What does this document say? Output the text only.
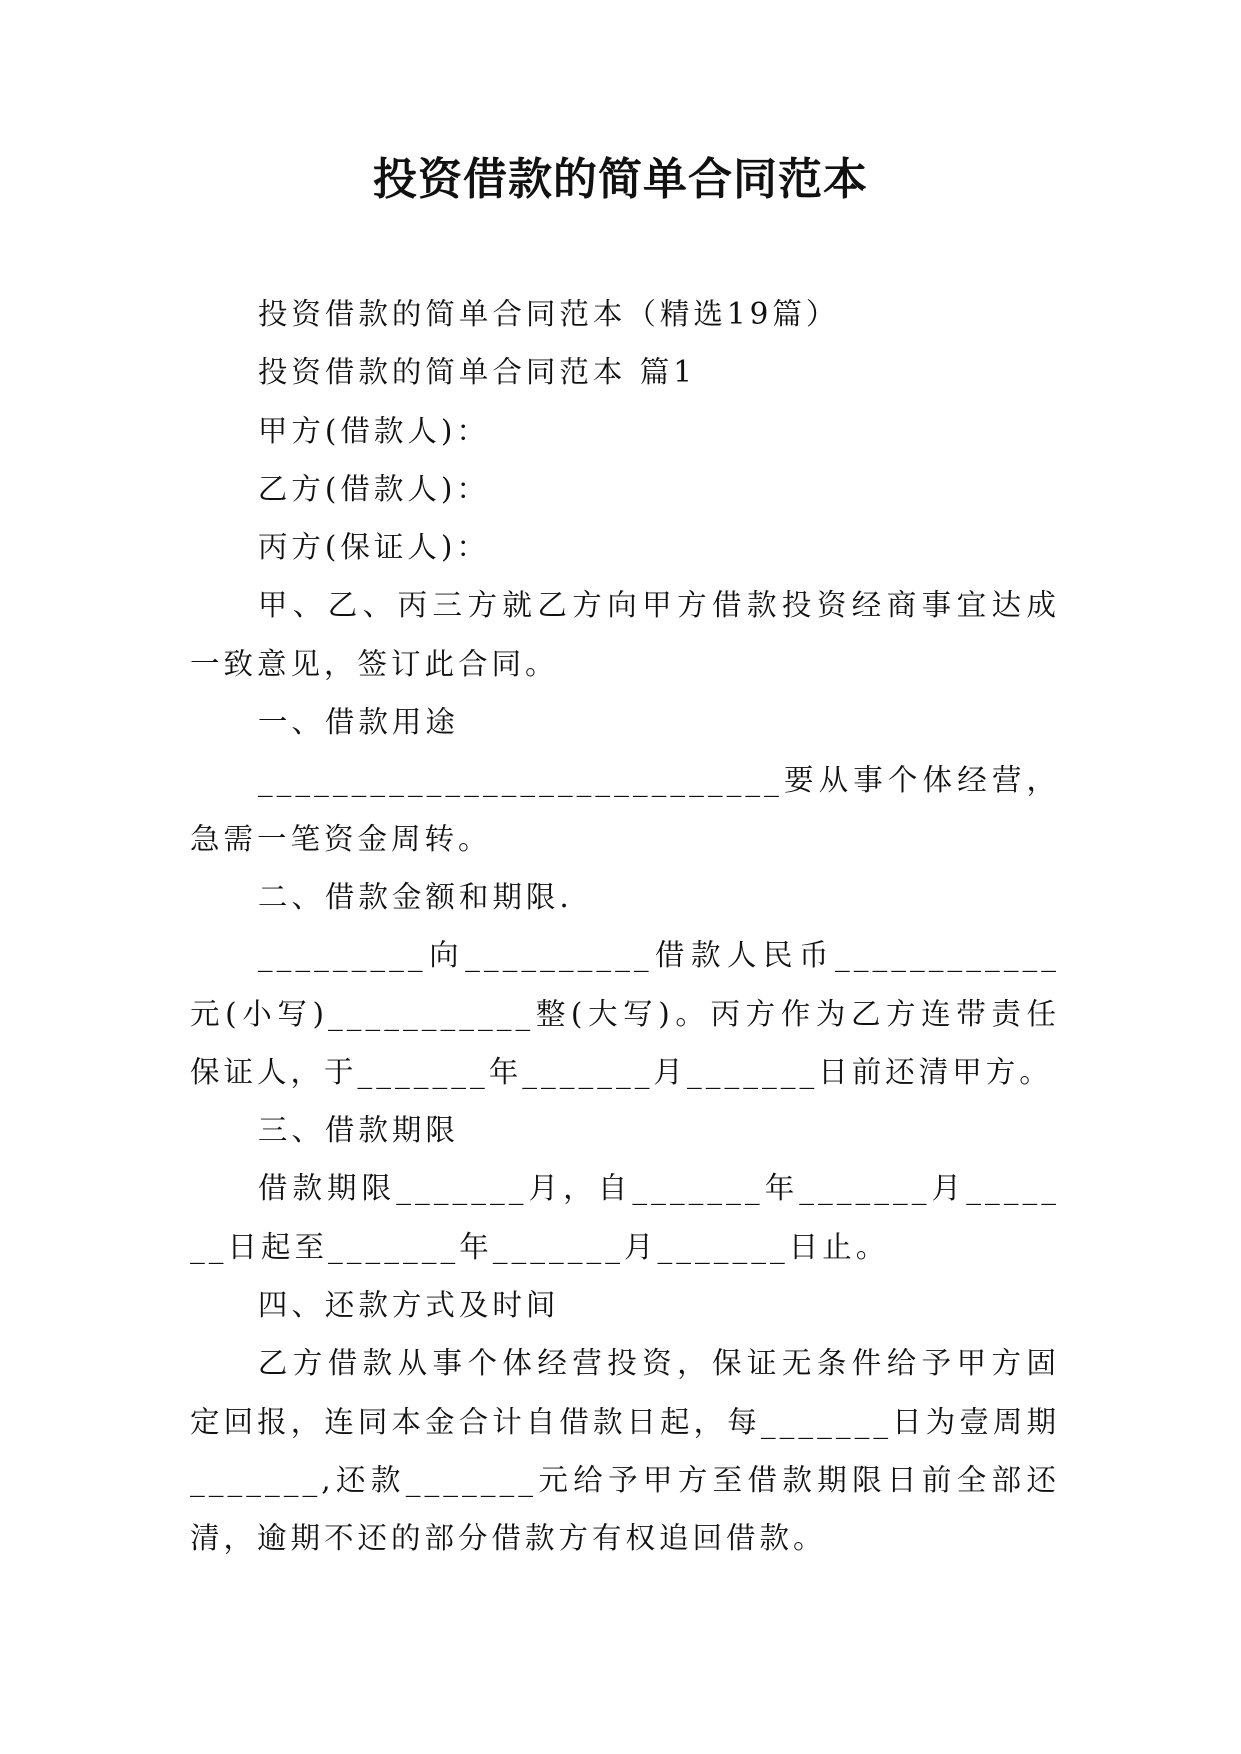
投资借款的简单合同范本

投资借款的简单合同范本（精选19篇）

投资借款的简单合同范本 篇1

甲方(借款人)：

乙方(借款人)：

丙方(保证人)：

甲、乙、丙三方就乙方向甲方借款投资经商事宜达成一致意见，签订此合同。

一、借款用途

____________________________要从事个体经营，急需一笔资金周转。

二、借款金额和期限.

_________向__________借款人民币____________元(小写)___________整(大写)。丙方作为乙方连带责任保证人，于_______年_______月_______日前还清甲方。

三、借款期限

借款期限_______月，自_______年_______月_______日起至_______年_______月_______日止。

四、还款方式及时间

乙方借款从事个体经营投资，保证无条件给予甲方固定回报，连同本金合计自借款日起，每_______日为壹周期_______,还款_______元给予甲方至借款期限日前全部还清，逾期不还的部分借款方有权追回借款。
